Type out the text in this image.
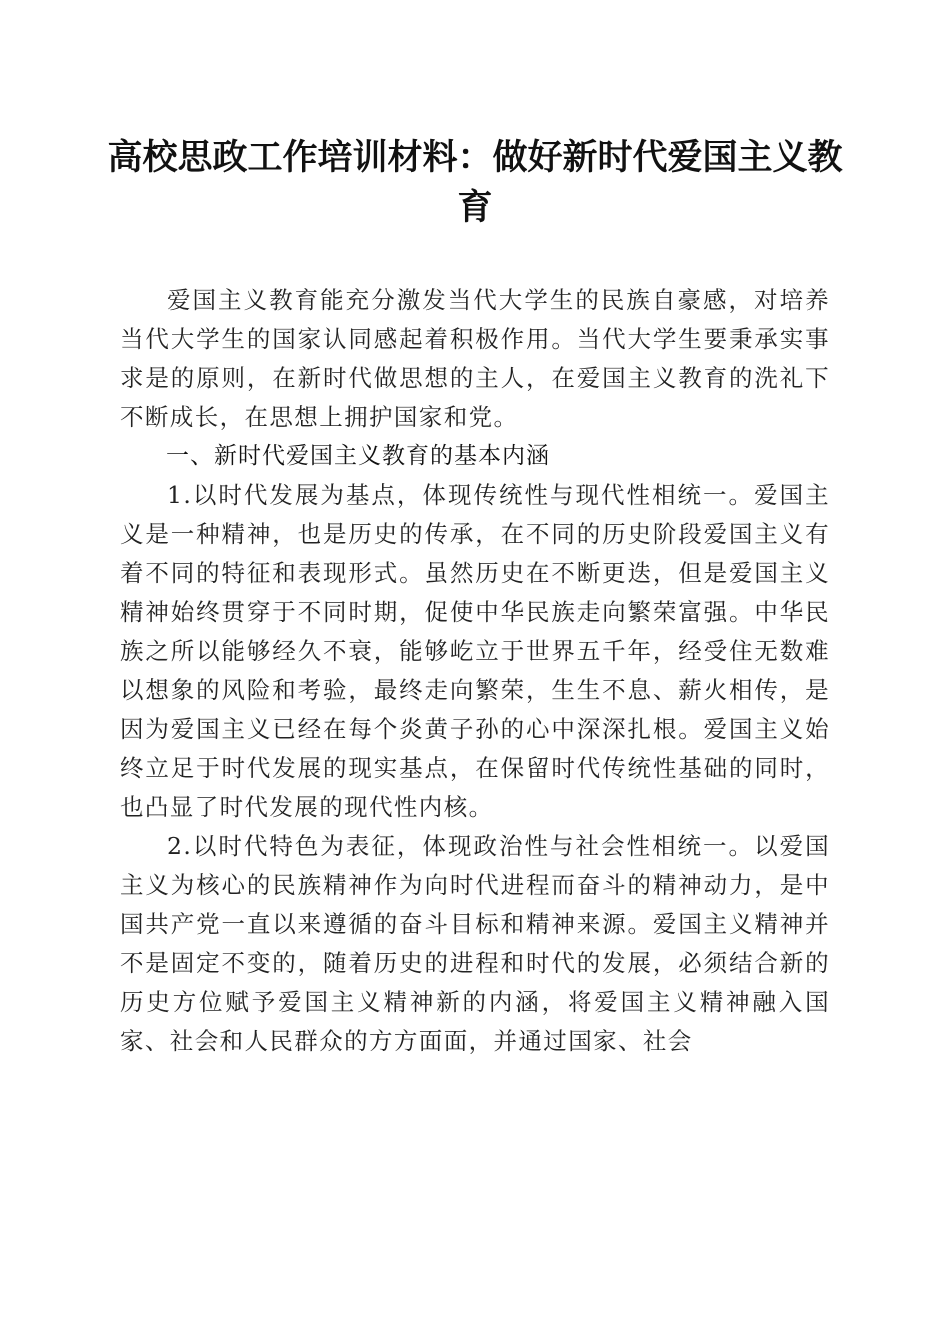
高校思政工作培训材料：做好新时代爱国主义教育

爱国主义教育能充分激发当代大学生的民族自豪感，对培养当代大学生的国家认同感起着积极作用。当代大学生要秉承实事求是的原则，在新时代做思想的主人，在爱国主义教育的洗礼下不断成长，在思想上拥护国家和党。

一、新时代爱国主义教育的基本内涵

1.以时代发展为基点，体现传统性与现代性相统一。爱国主义是一种精神，也是历史的传承，在不同的历史阶段爱国主义有着不同的特征和表现形式。虽然历史在不断更迭，但是爱国主义精神始终贯穿于不同时期，促使中华民族走向繁荣富强。中华民族之所以能够经久不衰，能够屹立于世界五千年，经受住无数难以想象的风险和考验，最终走向繁荣，生生不息、薪火相传，是因为爱国主义已经在每个炎黄子孙的心中深深扎根。爱国主义始终立足于时代发展的现实基点，在保留时代传统性基础的同时，也凸显了时代发展的现代性内核。

2.以时代特色为表征，体现政治性与社会性相统一。以爱国主义为核心的民族精神作为向时代进程而奋斗的精神动力，是中国共产党一直以来遵循的奋斗目标和精神来源。爱国主义精神并不是固定不变的，随着历史的进程和时代的发展，必须结合新的历史方位赋予爱国主义精神新的内涵，将爱国主义精神融入国家、社会和人民群众的方方面面，并通过国家、社会
